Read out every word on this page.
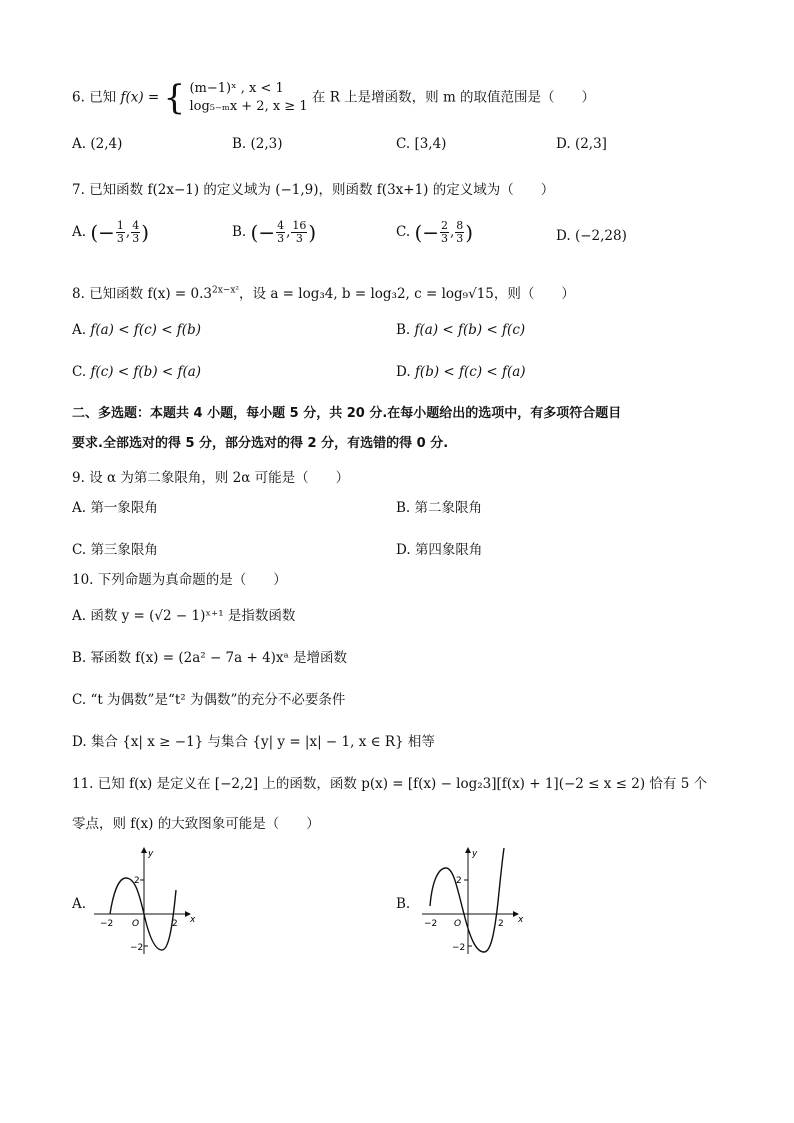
6. 已知 f(x) = { (m−1)ˣ , x < 1
log₅₋ₘx + 2, x ≥ 1 在 R 上是增函数，则 m 的取值范围是（　　）
A. (2,4)	B. (2,3)	C. [3,4)	D. (2,3]
7. 已知函数 f(2x−1) 的定义域为 (−1,9)，则函数 f(3x+1) 的定义域为（　　）
A. (− $\frac{1}{3}$ , $\frac{4}{3}$ )	B. (− $\frac{4}{3}$ , $\frac{16}{3}$ )	C. (− $\frac{2}{3}$ , $\frac{8}{3}$ )	D. (−2,28)
8. 已知函数 $f(x) = 0.3^{2x-x^2}$，设 a = log₃4, b = log₃2, c = log₉√15，则（　　）
A. f(a) < f(c) < f(b)	B. f(a) < f(b) < f(c)
C. f(c) < f(b) < f(a)	D. f(b) < f(c) < f(a)
二、多选题：本题共 4 小题，每小题 5 分，共 20 分.在每小题给出的选项中，有多项符合题目
要求.全部选对的得 5 分，部分选对的得 2 分，有选错的得 0 分.
9. 设 α 为第二象限角，则 2α 可能是（　　）
A. 第一象限角	B. 第二象限角
C. 第三象限角	D. 第四象限角
10. 下列命题为真命题的是（　　）
A. 函数 y = (√2 − 1)ˣ⁺¹ 是指数函数
B. 幂函数 f(x) = (2a² − 7a + 4)xᵃ 是增函数
C. “t 为偶数”是“t² 为偶数”的充分不必要条件
D. 集合 {x| x ≥ −1} 与集合 {y| y = |x| − 1, x ∈ R} 相等
11. 已知 f(x) 是定义在 [−2,2] 上的函数，函数 p(x) = [f(x) − log₂3][f(x) + 1](−2 ≤ x ≤ 2) 恰有 5 个
零点，则 f(x) 的大致图象可能是（　　）
A.
y
x
O
−2	2
2
−2
B.
y
x
O
−2	2
2
−2
